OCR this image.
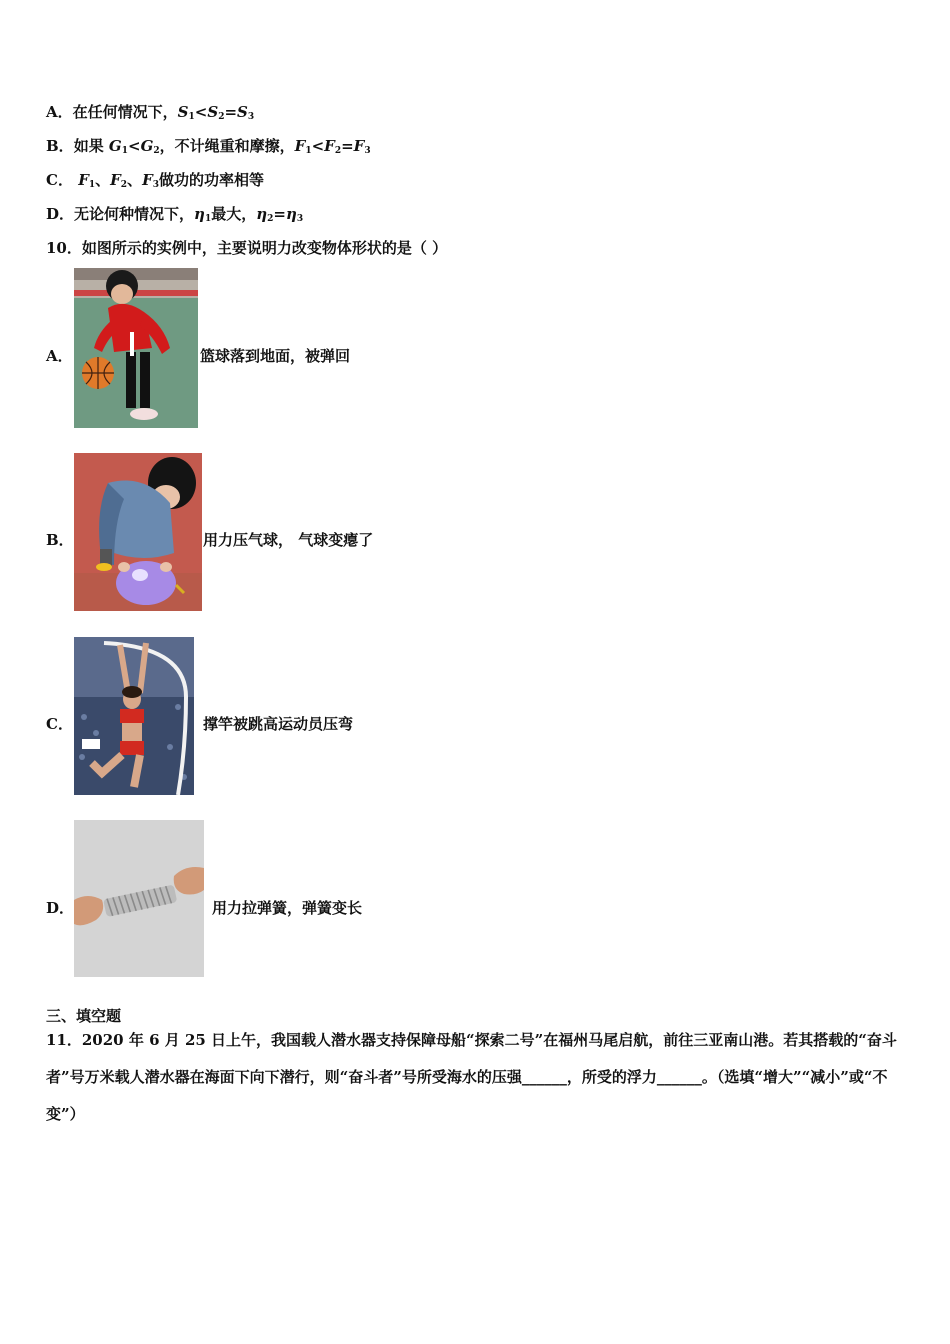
A．在任何情况下，$S_1<S_2=S_3$
B．如果 $G_1<G_2$，不计绳重和摩擦，$F_1<F_2=F_3$
C． $F_1$、$F_2$、$F_3$做功的功率相等
D．无论何种情况下，$\eta_1$最大，$\eta_2=\eta_3$
10．如图所示的实例中，主要说明力改变物体形状的是（ ）
A．	篮球落到地面，被弹回
B．	用力压气球， 气球变瘪了
C．	撑竿被跳高运动员压弯
D．	用力拉弹簧，弹簧变长
三、填空题
11．2020 年 6 月 25 日上午，我国载人潜水器支持保障母船“探索二号”在福州马尾启航，前往三亚南山港。若其搭载的“奋斗者”号万米载人潜水器在海面下向下潜行，则“奋斗者”号所受海水的压强______，所受的浮力______。（选填“增大”“减小”或“不变”）
